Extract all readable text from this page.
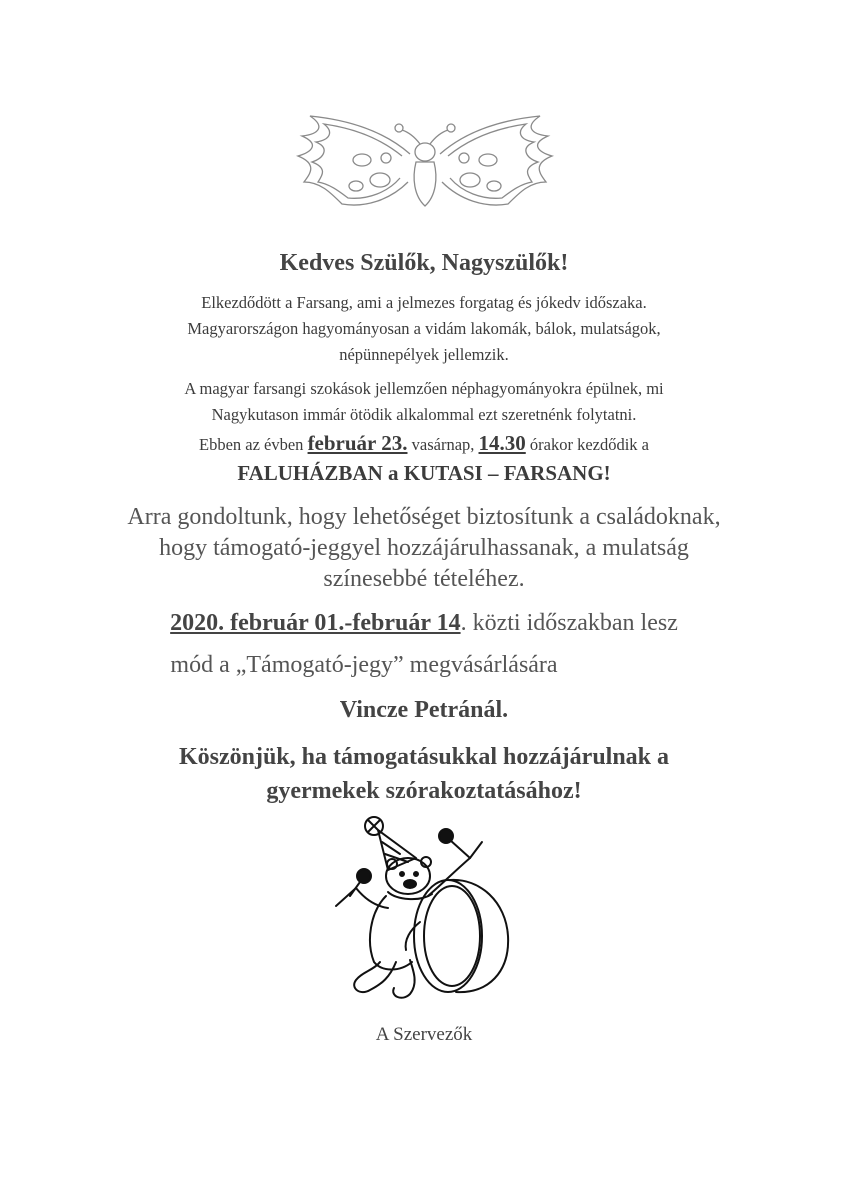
Kedves Szülők, Nagyszülők!
Elkezdődött a Farsang, ami a jelmezes forgatag és jókedv időszaka.
Magyarországon hagyományosan a vidám lakomák, bálok, mulatságok,
népünnepélyek jellemzik.
A magyar farsangi szokások jellemzően néphagyományokra épülnek, mi
Nagykutason immár ötödik alkalommal ezt szeretnénk folytatni.
Ebben az évben február 23. vasárnap, 14.30 órakor kezdődik a
FALUHÁZBAN a KUTASI – FARSANG!
Arra gondoltunk, hogy lehetőséget biztosítunk a családoknak,
hogy támogató-jeggyel hozzájárulhassanak, a mulatság
színesebbé tételéhez.
2020. február 01.-február 14. közti időszakban lesz
mód a „Támogató-jegy” megvásárlására
Vincze Petránál.
Köszönjük, ha támogatásukkal hozzájárulnak a
gyermekek szórakoztatásához!
A Szervezők
